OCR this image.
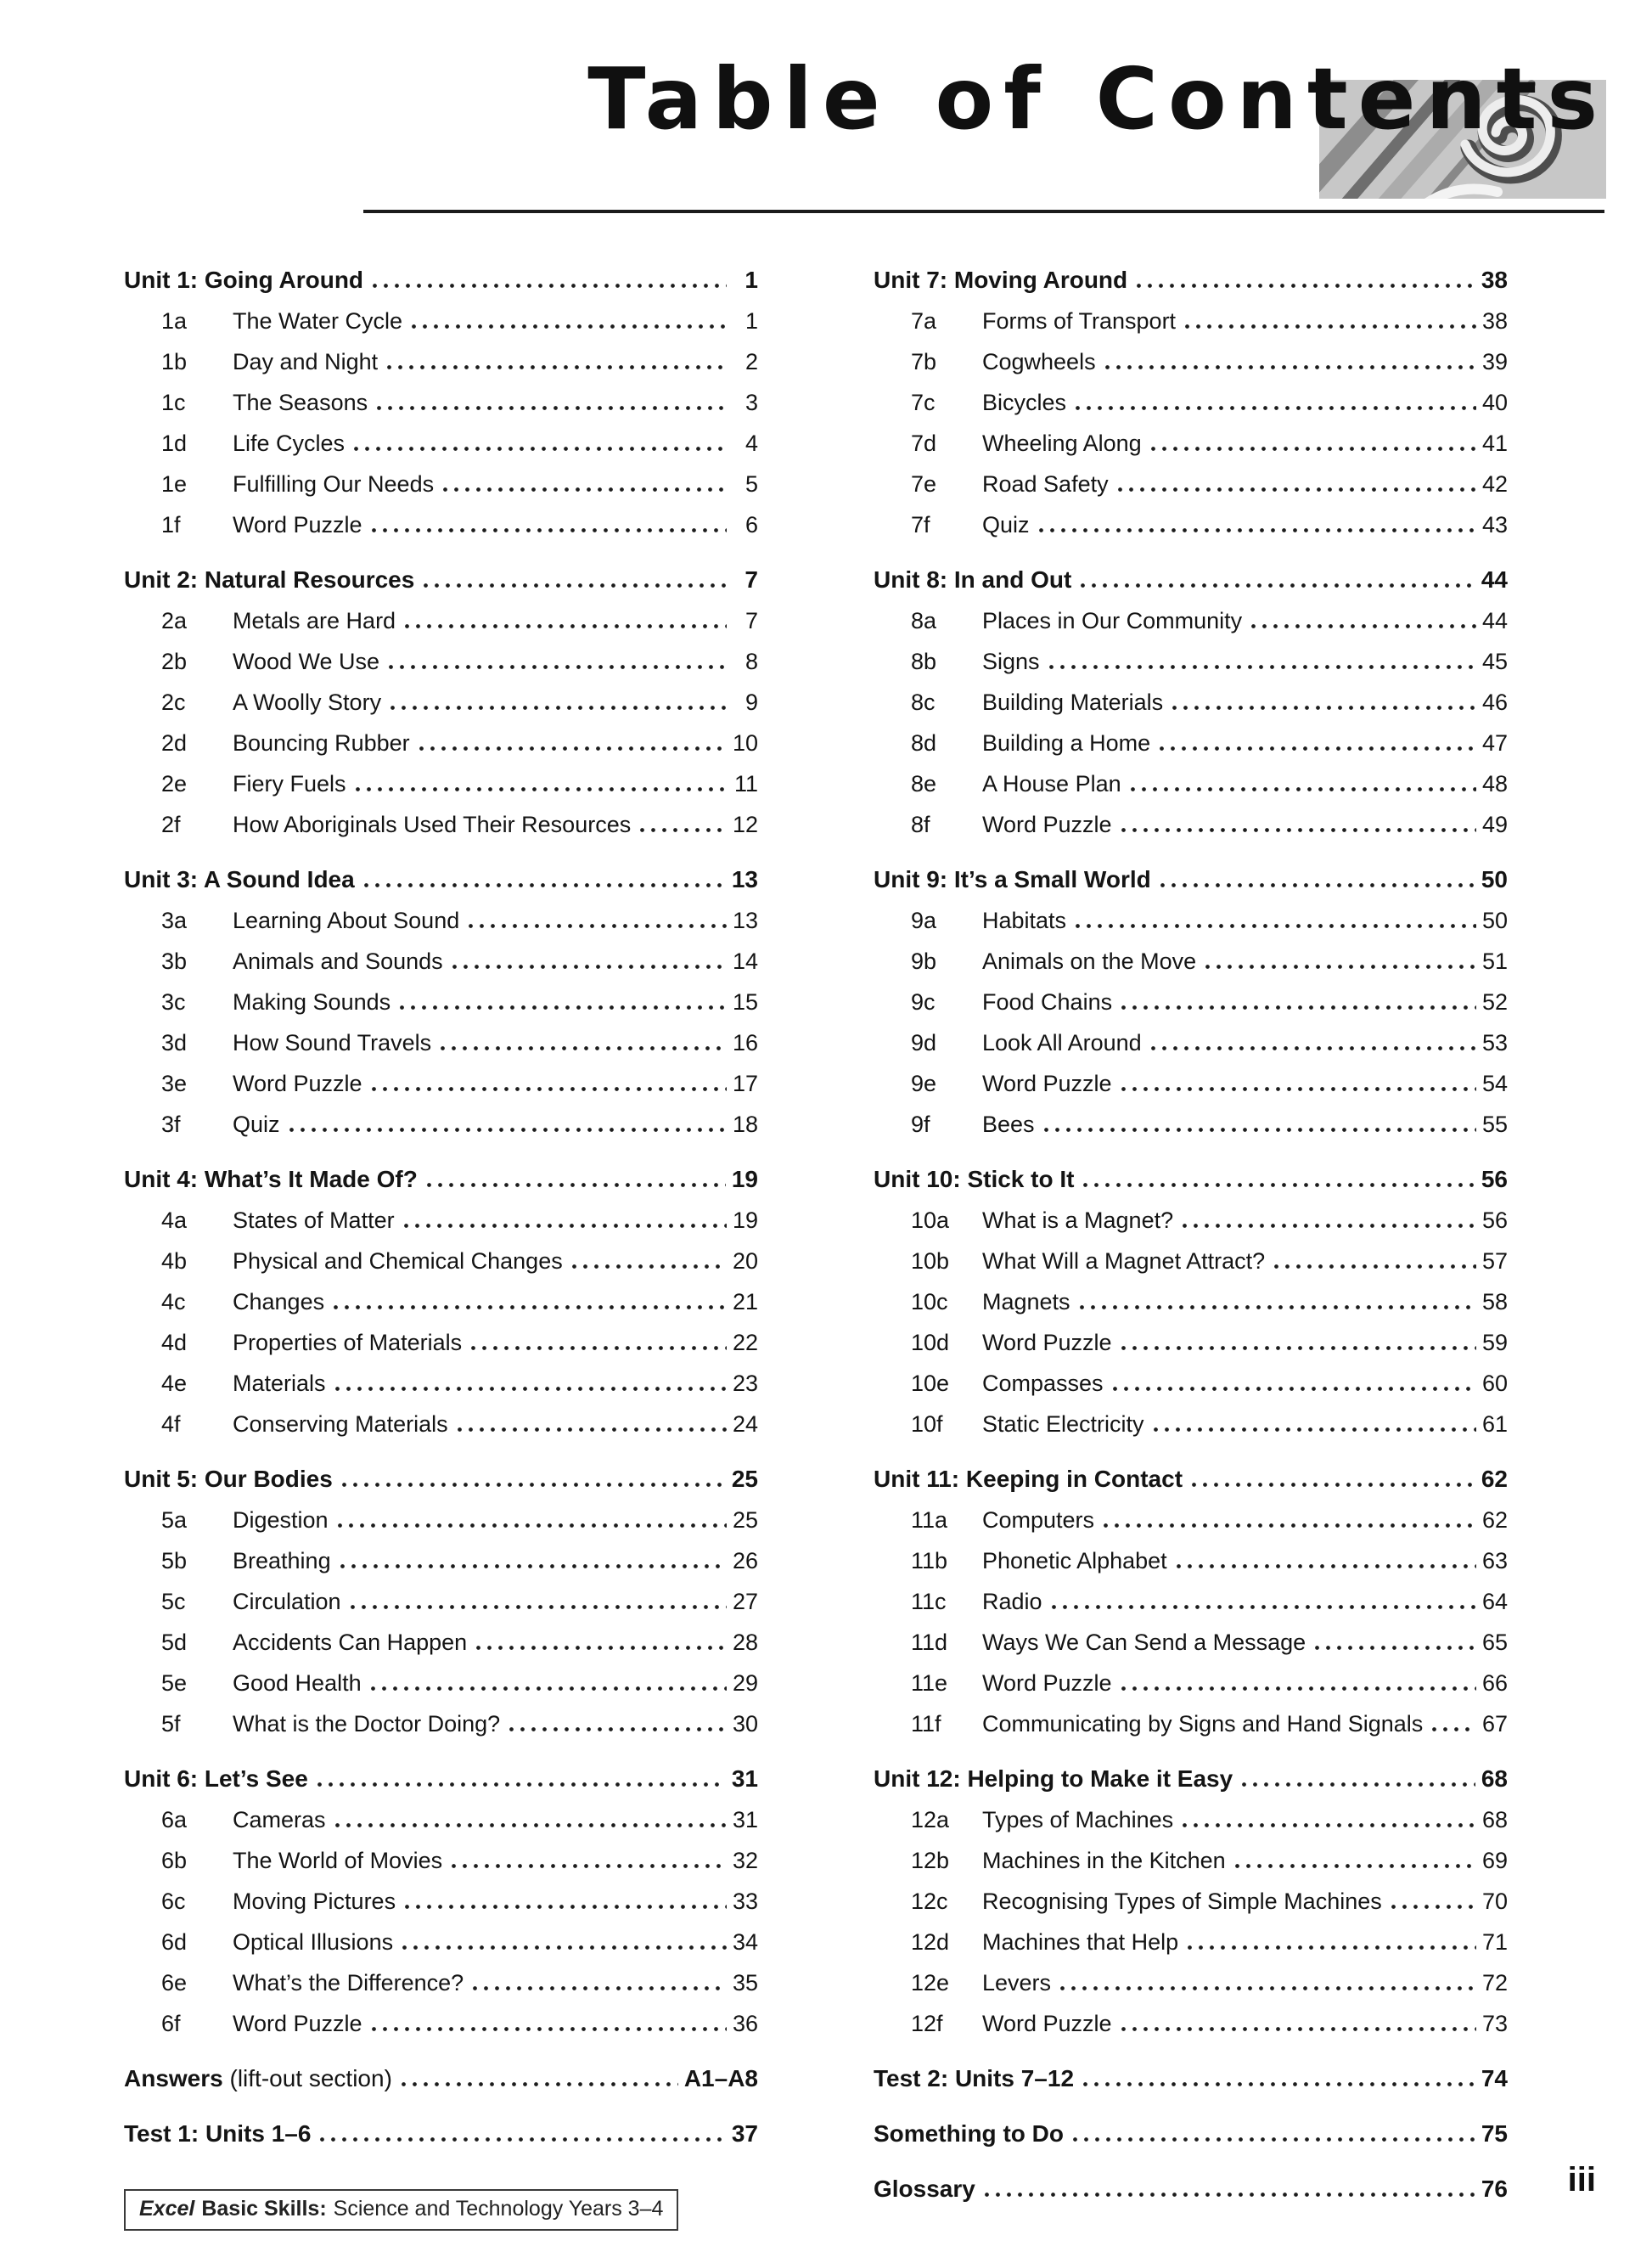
Table of Contents
Unit 1: Going Around	1
1a	The Water Cycle	1
1b	Day and Night	2
1c	The Seasons	3
1d	Life Cycles	4
1e	Fulfilling Our Needs	5
1f	Word Puzzle	6
Unit 2: Natural Resources	7
2a	Metals are Hard	7
2b	Wood We Use	8
2c	A Woolly Story	9
2d	Bouncing Rubber	10
2e	Fiery Fuels	11
2f	How Aboriginals Used Their Resources	12
Unit 3: A Sound Idea	13
3a	Learning About Sound	13
3b	Animals and Sounds	14
3c	Making Sounds	15
3d	How Sound Travels	16
3e	Word Puzzle	17
3f	Quiz	18
Unit 4: What’s It Made Of?	19
4a	States of Matter	19
4b	Physical and Chemical Changes	20
4c	Changes	21
4d	Properties of Materials	22
4e	Materials	23
4f	Conserving Materials	24
Unit 5: Our Bodies	25
5a	Digestion	25
5b	Breathing	26
5c	Circulation	27
5d	Accidents Can Happen	28
5e	Good Health	29
5f	What is the Doctor Doing?	30
Unit 6: Let’s See	31
6a	Cameras	31
6b	The World of Movies	32
6c	Moving Pictures	33
6d	Optical Illusions	34
6e	What’s the Difference?	35
6f	Word Puzzle	36
Answers (lift-out section)	A1–A8
Test 1: Units 1–6	37
Unit 7: Moving Around	38
7a	Forms of Transport	38
7b	Cogwheels	39
7c	Bicycles	40
7d	Wheeling Along	41
7e	Road Safety	42
7f	Quiz	43
Unit 8: In and Out	44
8a	Places in Our Community	44
8b	Signs	45
8c	Building Materials	46
8d	Building a Home	47
8e	A House Plan	48
8f	Word Puzzle	49
Unit 9: It’s a Small World	50
9a	Habitats	50
9b	Animals on the Move	51
9c	Food Chains	52
9d	Look All Around	53
9e	Word Puzzle	54
9f	Bees	55
Unit 10: Stick to It	56
10a	What is a Magnet?	56
10b	What Will a Magnet Attract?	57
10c	Magnets	58
10d	Word Puzzle	59
10e	Compasses	60
10f	Static Electricity	61
Unit 11: Keeping in Contact	62
11a	Computers	62
11b	Phonetic Alphabet	63
11c	Radio	64
11d	Ways We Can Send a Message	65
11e	Word Puzzle	66
11f	Communicating by Signs and Hand Signals	67
Unit 12: Helping to Make it Easy	68
12a	Types of Machines	68
12b	Machines in the Kitchen	69
12c	Recognising Types of Simple Machines	70
12d	Machines that Help	71
12e	Levers	72
12f	Word Puzzle	73
Test 2: Units 7–12	74
Something to Do	75
Glossary	76
Excel Basic Skills: Science and Technology Years 3–4
iii
